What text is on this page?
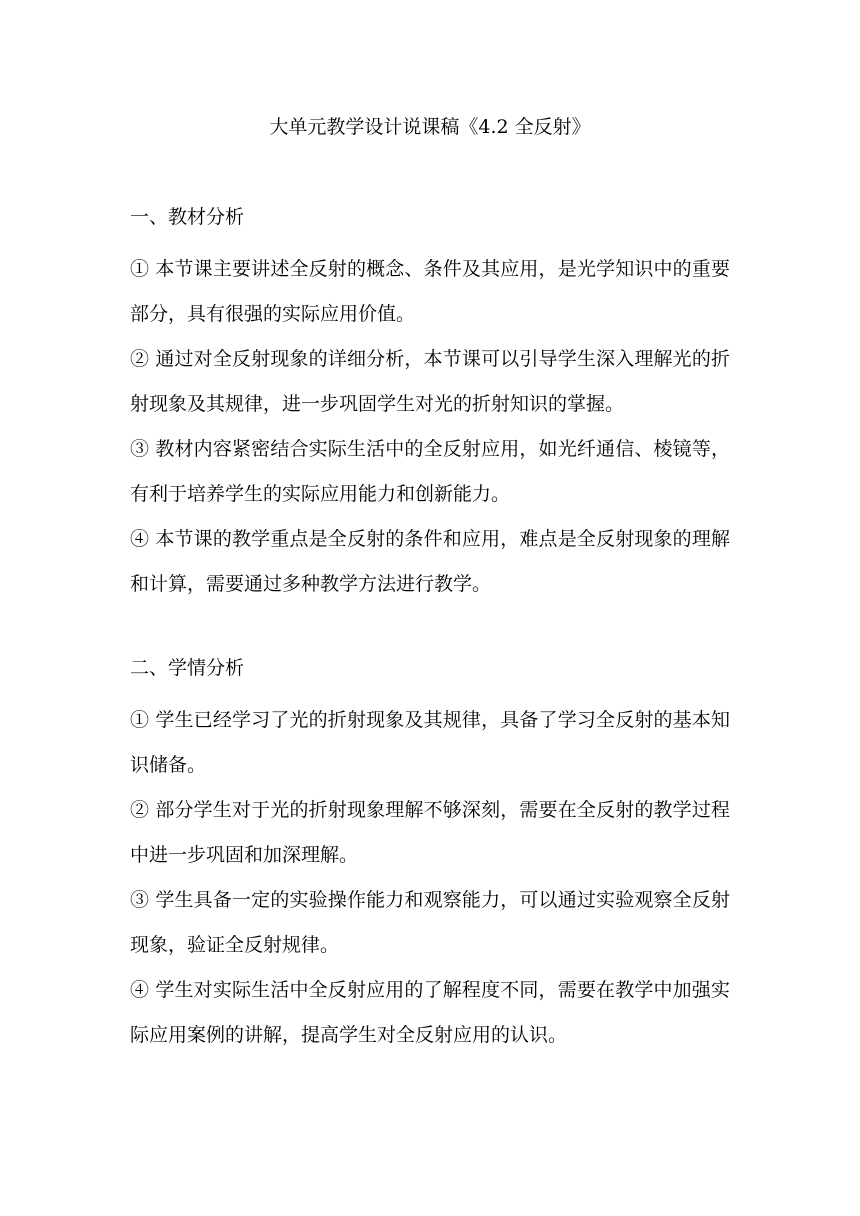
大单元教学设计说课稿《4.2 全反射》
一、教材分析

① 本节课主要讲述全反射的概念、条件及其应用，是光学知识中的重要部分，具有很强的实际应用价值。

② 通过对全反射现象的详细分析，本节课可以引导学生深入理解光的折射现象及其规律，进一步巩固学生对光的折射知识的掌握。

③ 教材内容紧密结合实际生活中的全反射应用，如光纤通信、棱镜等，有利于培养学生的实际应用能力和创新能力。

④ 本节课的教学重点是全反射的条件和应用，难点是全反射现象的理解和计算，需要通过多种教学方法进行教学。

二、学情分析

① 学生已经学习了光的折射现象及其规律，具备了学习全反射的基本知识储备。

② 部分学生对于光的折射现象理解不够深刻，需要在全反射的教学过程中进一步巩固和加深理解。

③ 学生具备一定的实验操作能力和观察能力，可以通过实验观察全反射现象，验证全反射规律。

④ 学生对实际生活中全反射应用的了解程度不同，需要在教学中加强实际应用案例的讲解，提高学生对全反射应用的认识。
